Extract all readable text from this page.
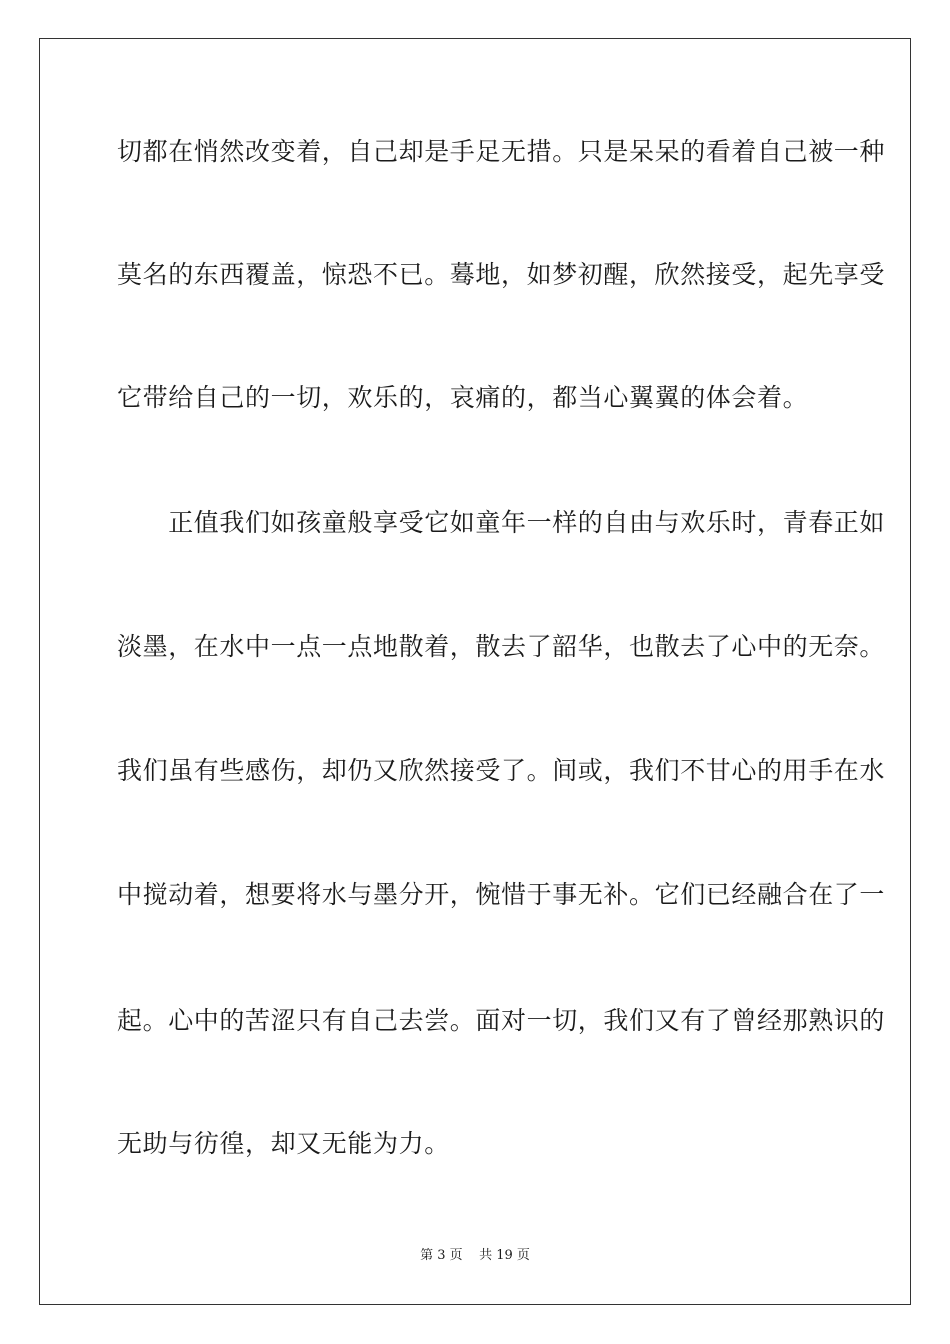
切都在悄然改变着，自己却是手足无措。只是呆呆的看着自己被一种
莫名的东西覆盖，惊恐不已。蓦地，如梦初醒，欣然接受，起先享受
它带给自己的一切，欢乐的，哀痛的，都当心翼翼的体会着。
　　正值我们如孩童般享受它如童年一样的自由与欢乐时，青春正如
淡墨，在水中一点一点地散着，散去了韶华，也散去了心中的无奈。
我们虽有些感伤，却仍又欣然接受了。间或，我们不甘心的用手在水
中搅动着，想要将水与墨分开，惋惜于事无补。它们已经融合在了一
起。心中的苦涩只有自己去尝。面对一切，我们又有了曾经那熟识的
无助与彷徨，却又无能为力。
第 3 页    共 19 页
